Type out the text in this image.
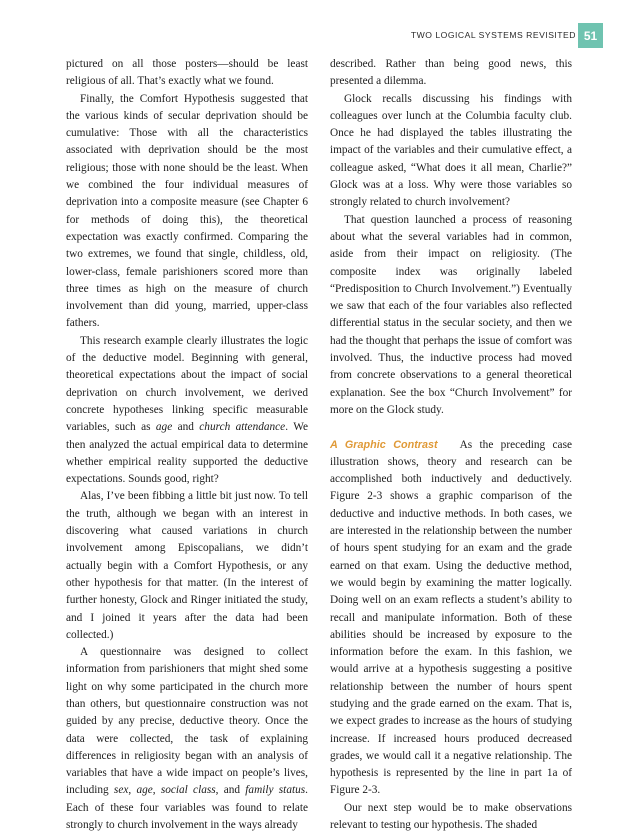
TWO LOGICAL SYSTEMS REVISITED 51

pictured on all those posters—should be least religious of all. That’s exactly what we found.

Finally, the Comfort Hypothesis suggested that the various kinds of secular deprivation should be cumulative: Those with all the characteristics associated with deprivation should be the most religious; those with none should be the least. When we combined the four individual measures of deprivation into a composite measure (see Chapter 6 for methods of doing this), the theoretical expectation was exactly confirmed. Comparing the two extremes, we found that single, childless, old, lower-class, female parishioners scored more than three times as high on the measure of church involvement than did young, married, upper-class fathers.

This research example clearly illustrates the logic of the deductive model. Beginning with general, theoretical expectations about the impact of social deprivation on church involvement, we derived concrete hypotheses linking specific measurable variables, such as age and church attendance. We then analyzed the actual empirical data to determine whether empirical reality supported the deductive expectations. Sounds good, right?

Alas, I’ve been fibbing a little bit just now. To tell the truth, although we began with an interest in discovering what caused variations in church involvement among Episcopalians, we didn’t actually begin with a Comfort Hypothesis, or any other hypothesis for that matter. (In the interest of further honesty, Glock and Ringer initiated the study, and I joined it years after the data had been collected.)

A questionnaire was designed to collect information from parishioners that might shed some light on why some participated in the church more than others, but questionnaire construction was not guided by any precise, deductive theory. Once the data were collected, the task of explaining differences in religiosity began with an analysis of variables that have a wide impact on people’s lives, including sex, age, social class, and family status. Each of these four variables was found to relate strongly to church involvement in the ways already

described. Rather than being good news, this presented a dilemma.

Glock recalls discussing his findings with colleagues over lunch at the Columbia faculty club. Once he had displayed the tables illustrating the impact of the variables and their cumulative effect, a colleague asked, “What does it all mean, Charlie?” Glock was at a loss. Why were those variables so strongly related to church involvement?

That question launched a process of reasoning about what the several variables had in common, aside from their impact on religiosity. (The composite index was originally labeled “Predisposition to Church Involvement.”) Eventually we saw that each of the four variables also reflected differential status in the secular society, and then we had the thought that perhaps the issue of comfort was involved. Thus, the inductive process had moved from concrete observations to a general theoretical explanation. See the box “Church Involvement” for more on the Glock study.

A Graphic Contrast As the preceding case illustration shows, theory and research can be accomplished both inductively and deductively. Figure 2-3 shows a graphic comparison of the deductive and inductive methods. In both cases, we are interested in the relationship between the number of hours spent studying for an exam and the grade earned on that exam. Using the deductive method, we would begin by examining the matter logically. Doing well on an exam reflects a student’s ability to recall and manipulate information. Both of these abilities should be increased by exposure to the information before the exam. In this fashion, we would arrive at a hypothesis suggesting a positive relationship between the number of hours spent studying and the grade earned on the exam. That is, we expect grades to increase as the hours of studying increase. If increased hours produced decreased grades, we would call it a negative relationship. The hypothesis is represented by the line in part 1a of Figure 2-3.

Our next step would be to make observations relevant to testing our hypothesis. The shaded
